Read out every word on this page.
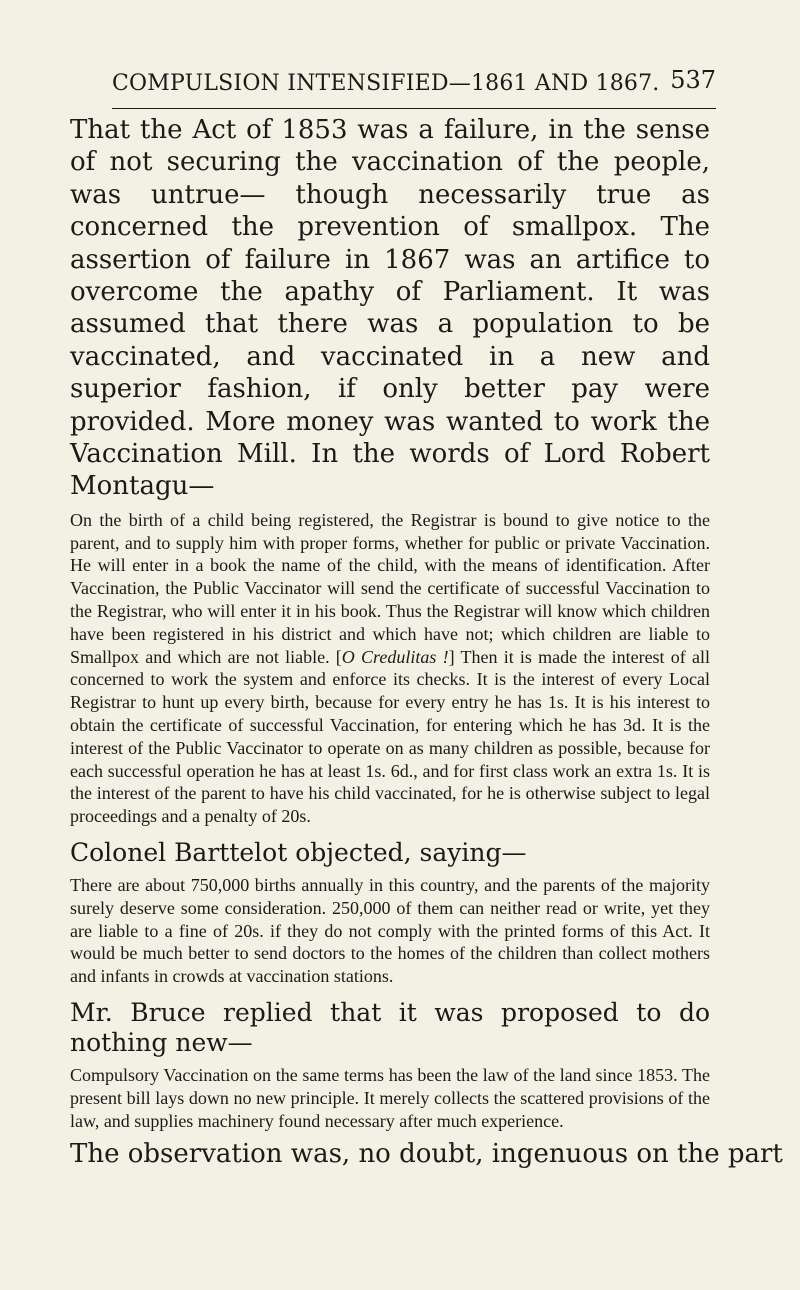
COMPULSION INTENSIFIED—1861 AND 1867. 537

That the Act of 1853 was a failure, in the sense of not securing the vaccination of the people, was untrue— though necessarily true as concerned the prevention of smallpox. The assertion of failure in 1867 was an artifice to overcome the apathy of Parliament. It was assumed that there was a population to be vaccinated, and vaccinated in a new and superior fashion, if only better pay were provided. More money was wanted to work the Vaccination Mill. In the words of Lord Robert Montagu—

On the birth of a child being registered, the Registrar is bound to give notice to the parent, and to supply him with proper forms, whether for public or private Vaccination. He will enter in a book the name of the child, with the means of identification. After Vaccination, the Public Vaccinator will send the certificate of successful Vaccination to the Registrar, who will enter it in his book. Thus the Registrar will know which children have been registered in his district and which have not; which children are liable to Smallpox and which are not liable. [O Credulitas !] Then it is made the interest of all concerned to work the system and enforce its checks. It is the interest of every Local Registrar to hunt up every birth, because for every entry he has 1s. It is his interest to obtain the certificate of successful Vaccination, for entering which he has 3d. It is the interest of the Public Vaccinator to operate on as many children as possible, because for each successful operation he has at least 1s. 6d., and for first class work an extra 1s. It is the interest of the parent to have his child vaccinated, for he is otherwise subject to legal proceedings and a penalty of 20s.

Colonel Barttelot objected, saying—

There are about 750,000 births annually in this country, and the parents of the majority surely deserve some consideration. 250,000 of them can neither read or write, yet they are liable to a fine of 20s. if they do not comply with the printed forms of this Act. It would be much better to send doctors to the homes of the children than collect mothers and infants in crowds at vaccination stations.

Mr. Bruce replied that it was proposed to do nothing new—

Compulsory Vaccination on the same terms has been the law of the land since 1853. The present bill lays down no new principle. It merely collects the scattered provisions of the law, and supplies machinery found necessary after much experience.

The observation was, no doubt, ingenuous on the part
